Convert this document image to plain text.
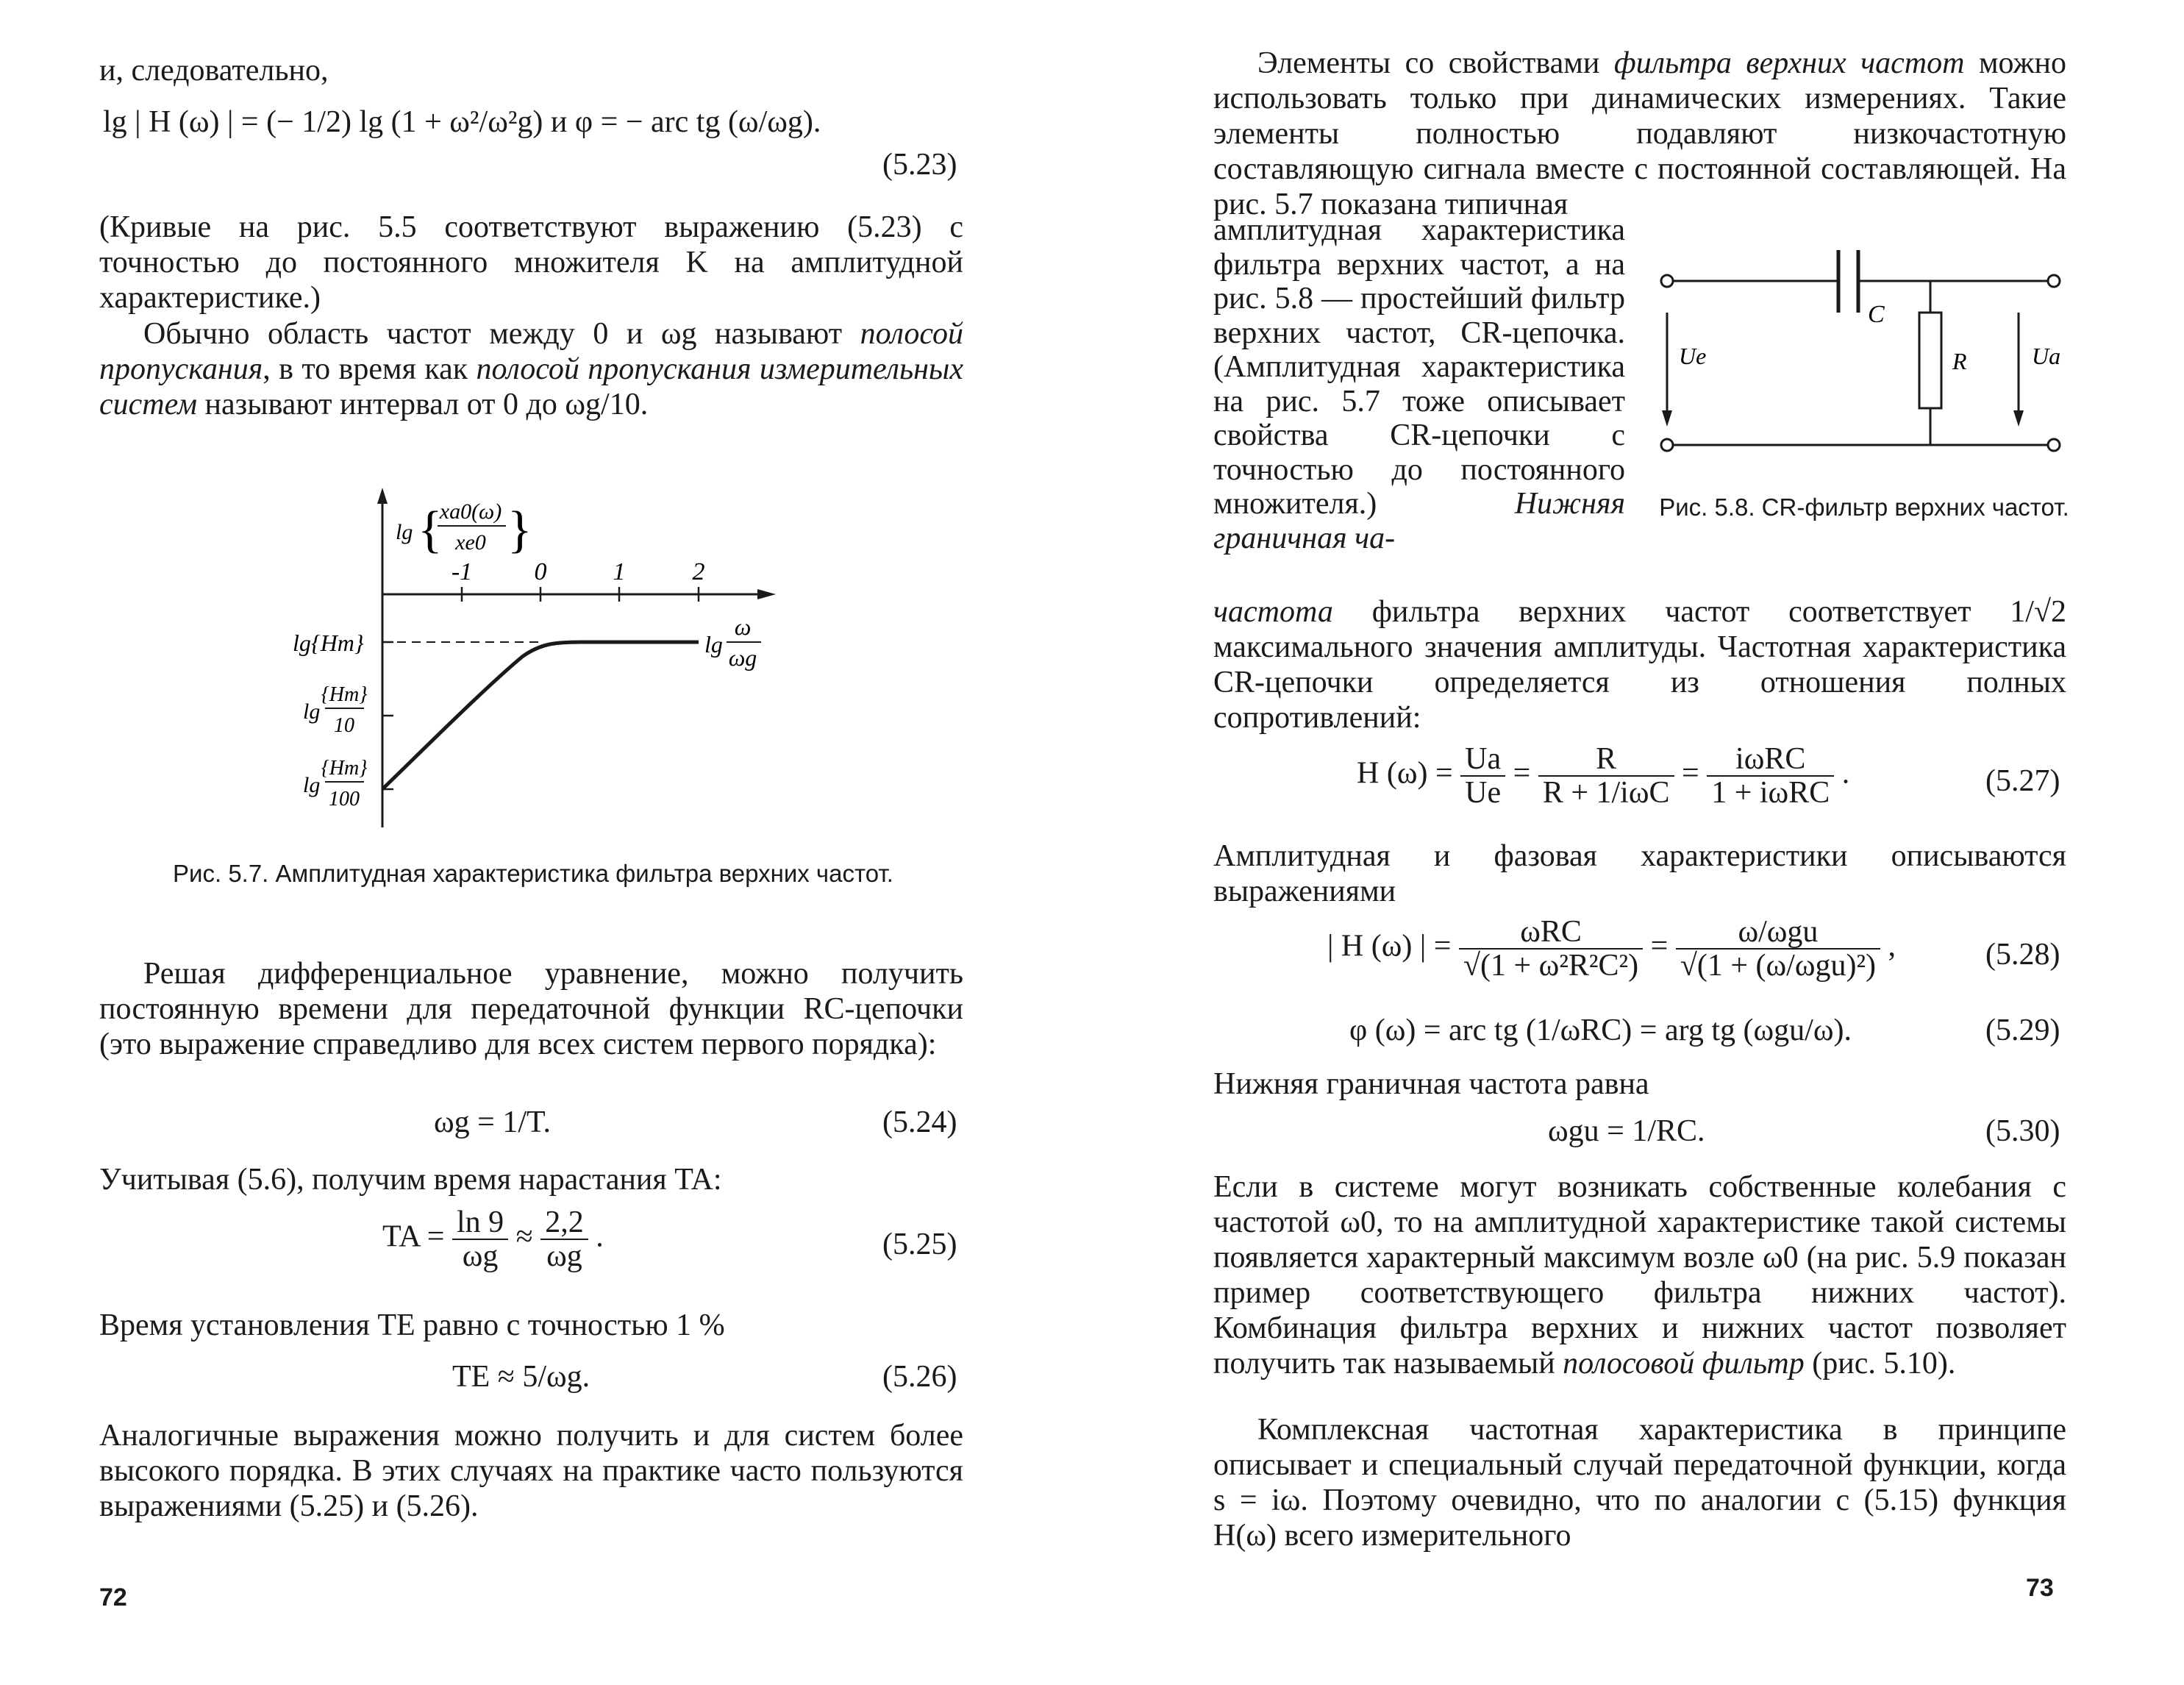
и, следовательно,
lg | H (ω) | = (− 1/2) lg (1 + ω²/ω²g) и φ = − arc tg (ω/ωg).
(5.23)

(Кривые на рис. 5.5 соответствуют выражению (5.23) с точностью до постоянного множителя K на амплитудной характеристике.)

Обычно область частот между 0 и ωg называют полосой пропускания, в то время как полосой пропускания измерительных систем называют интервал от 0 до ωg/10.

-1 0	1	2
lg {
xa0(ω)
xe0 }
lg{Hm}
lg
{Hm}
10
lg
{Hm}
100
lg
ω
ωg
Рис. 5.7. Амплитудная характеристика фильтра верхних частот.

Решая дифференциальное уравнение, можно получить постоянную времени для передаточной функции RC-цепочки (это выражение справедливо для всех систем первого порядка):

ωg = 1/T.	(5.24)
Учитывая (5.6), получим время нарастания TA:
TA = $\frac{\ln 9}{\omega g} \approx \frac{2,2}{\omega g}$ .	(5.25)
Время установления TE равно с точностью 1 %
TE ≈ 5/ωg.	(5.26)

Аналогичные выражения можно получить и для систем более высокого порядка. В этих случаях на практике часто пользуются выражениями (5.25) и (5.26).

72

Элементы со свойствами фильтра верхних частот можно использовать только при динамических измерениях. Такие элементы полностью подавляют низкочастотную составляющую сигнала вместе с постоянной составляющей. На рис. 5.7 показана типичная

амплитудная характеристика фильтра верхних частот, а на рис. 5.8 — простейший фильтр верхних частот, CR-цепочка. (Амплитудная характеристика на рис. 5.7 тоже описывает свойства CR-цепочки с точностью до постоянного множителя.) Нижняя граничная ча-

C
R
Ue	Ua
Рис. 5.8. CR-фильтр верхних частот.

частота фильтра верхних частот соответствует 1/√2 максимального значения амплитуды. Частотная характеристика CR-цепочки определяется из отношения полных сопротивлений:

H $(\omega) = \frac{Ua}{Ue} = \frac{R}{\text{R + 1/iωC}} = \frac{\text{iωRC}}{\text{1 + iωRC}}$ .	(5.27)

Амплитудная и фазовая характеристики описываются выражениями

| H (ω) | = $\frac{\text{ωRC}}{\text{√(1 + ω²R²C²)}} = \frac{\text{ω/ωgu}}{\text{√(1 + (ω/ωgu)²)}}$ ,	(5.28)
φ (ω) = arc tg (1/ωRC) = arg tg (ωgu/ω).	(5.29)
Нижняя граничная частота равна
ωgu = 1/RC.	(5.30)

Если в системе могут возникать собственные колебания с частотой ω0, то на амплитудной характеристике такой системы появляется характерный максимум возле ω0 (на рис. 5.9 показан пример соответствующего фильтра нижних частот). Комбинация фильтра верхних и нижних частот позволяет получить так называемый полосовой фильтр (рис. 5.10).

Комплексная частотная характеристика в принципе описывает и специальный случай передаточной функции, когда s = iω. Поэтому очевидно, что по аналогии с (5.15) функция H(ω) всего измерительного

73
